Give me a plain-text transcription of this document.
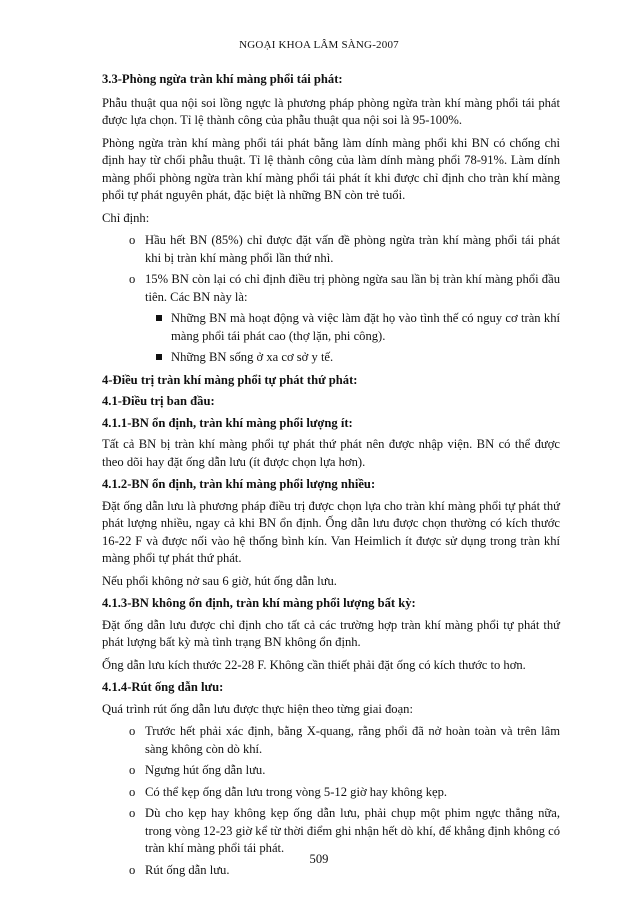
NGOẠI KHOA LÂM SÀNG-2007
3.3-Phòng ngừa tràn khí màng phổi tái phát:

Phẫu thuật qua nội soi lồng ngực là phương pháp phòng ngừa tràn khí màng phổi tái phát được lựa chọn. Tỉ lệ thành công của phẫu thuật qua nội soi là 95-100%.

Phòng ngừa tràn khí màng phổi tái phát bằng làm dính màng phổi khi BN có chống chỉ định hay từ chối phẫu thuật. Tỉ lệ thành công của làm dính màng phổi 78-91%. Làm dính màng phổi phòng ngừa tràn khí màng phổi tái phát ít khi được chỉ định cho tràn khí màng phổi tự phát nguyên phát, đặc biệt là những BN còn trẻ tuổi.

Chỉ định:

o Hầu hết BN (85%) chỉ được đặt vấn đề phòng ngừa tràn khí màng phổi tái phát khi bị tràn khí màng phổi lần thứ nhì.
o 15% BN còn lại có chỉ định điều trị phòng ngừa sau lần bị tràn khí màng phổi đầu tiên. Các BN này là:
Những BN mà hoạt động và việc làm đặt họ vào tình thế có nguy cơ tràn khí màng phổi tái phát cao (thợ lặn, phi công).
Những BN sống ở xa cơ sở y tế.
4-Điều trị tràn khí màng phổi tự phát thứ phát:
4.1-Điều trị ban đầu:
4.1.1-BN ổn định, tràn khí màng phổi lượng ít:

Tất cả BN bị tràn khí màng phổi tự phát thứ phát nên được nhập viện. BN có thể được theo dõi hay đặt ống dẫn lưu (ít được chọn lựa hơn).

4.1.2-BN ổn định, tràn khí màng phổi lượng nhiều:

Đặt ống dẫn lưu là phương pháp điều trị được chọn lựa cho tràn khí màng phổi tự phát thứ phát lượng nhiều, ngay cả khi BN ổn định. Ống dẫn lưu được chọn thường có kích thước 16-22 F và được nối vào hệ thống bình kín. Van Heimlich ít được sử dụng trong tràn khí màng phổi tự phát thứ phát.

Nếu phổi không nở sau 6 giờ, hút ống dẫn lưu.

4.1.3-BN không ổn định, tràn khí màng phổi lượng bất kỳ:

Đặt ống dẫn lưu được chỉ định cho tất cả các trường hợp tràn khí màng phổi tự phát thứ phát lượng bất kỳ mà tình trạng BN không ổn định.

Ống dẫn lưu kích thước 22-28 F. Không cần thiết phải đặt ống có kích thước to hơn.

4.1.4-Rút ống dẫn lưu:

Quá trình rút ống dẫn lưu được thực hiện theo từng giai đoạn:

o Trước hết phải xác định, bằng X-quang, rằng phổi đã nở hoàn toàn và trên lâm sàng không còn dò khí.
o Ngưng hút ống dẫn lưu.
o Có thể kẹp ống dẫn lưu trong vòng 5-12 giờ hay không kẹp.
o Dù cho kẹp hay không kẹp ống dẫn lưu, phải chụp một phim ngực thẳng nữa, trong vòng 12-23 giờ kể từ thời điểm ghi nhận hết dò khí, để khẳng định không có tràn khí màng phổi tái phát.
o Rút ống dẫn lưu.
509
